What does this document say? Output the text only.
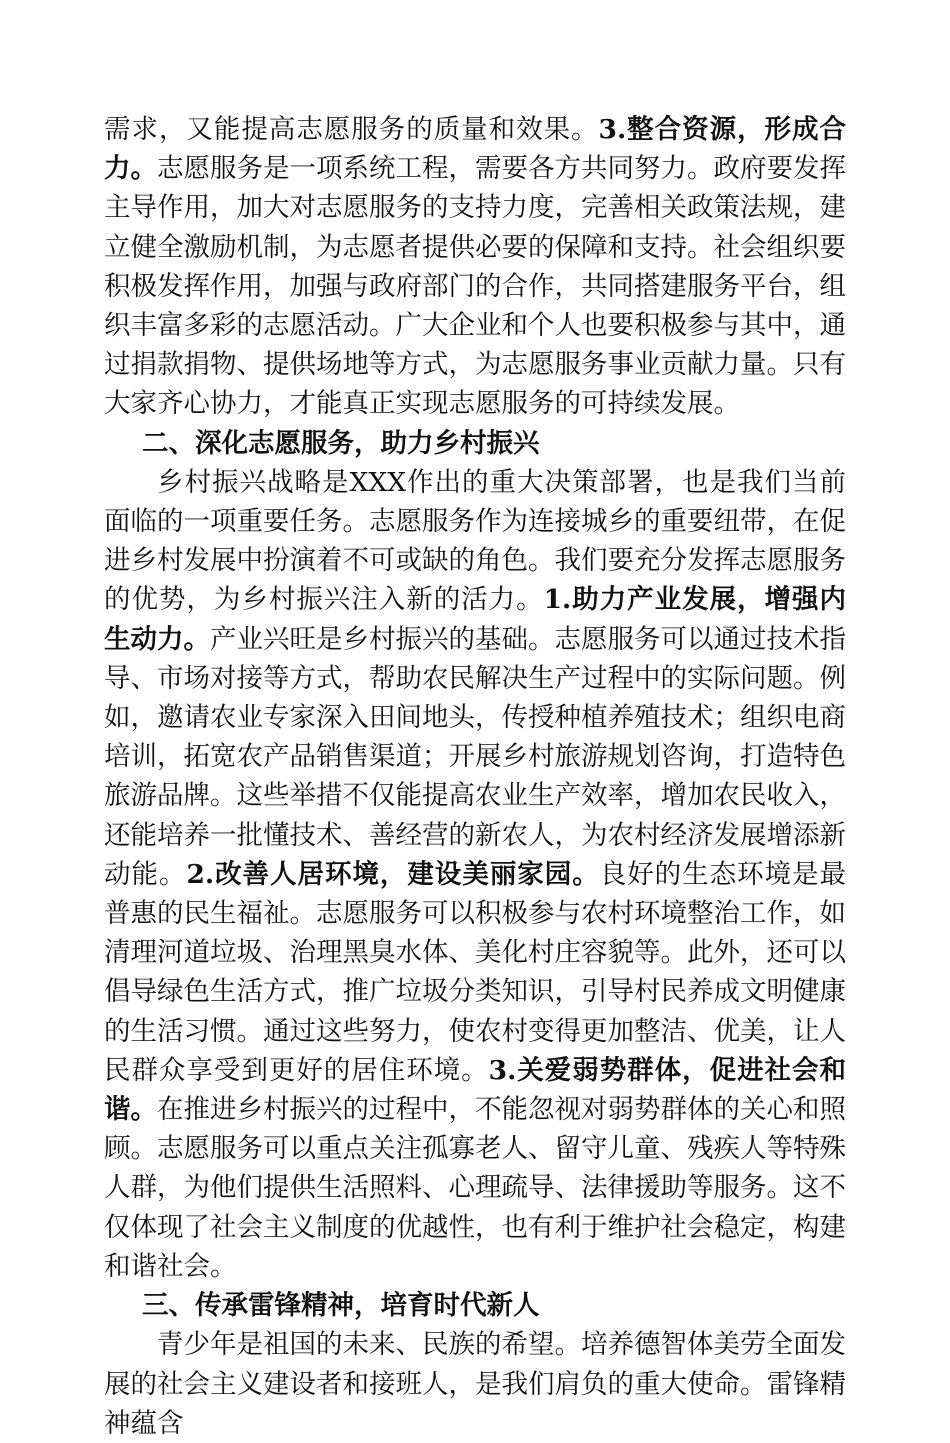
需求，又能提高志愿服务的质量和效果。3.整合资源，形成合力。志愿服务是一项系统工程，需要各方共同努力。政府要发挥主导作用，加大对志愿服务的支持力度，完善相关政策法规，建立健全激励机制，为志愿者提供必要的保障和支持。社会组织要积极发挥作用，加强与政府部门的合作，共同搭建服务平台，组织丰富多彩的志愿活动。广大企业和个人也要积极参与其中，通过捐款捐物、提供场地等方式，为志愿服务事业贡献力量。只有大家齐心协力，才能真正实现志愿服务的可持续发展。

二、深化志愿服务，助力乡村振兴

乡村振兴战略是XXX作出的重大决策部署，也是我们当前面临的一项重要任务。志愿服务作为连接城乡的重要纽带，在促进乡村发展中扮演着不可或缺的角色。我们要充分发挥志愿服务的优势，为乡村振兴注入新的活力。1.助力产业发展，增强内生动力。产业兴旺是乡村振兴的基础。志愿服务可以通过技术指导、市场对接等方式，帮助农民解决生产过程中的实际问题。例如，邀请农业专家深入田间地头，传授种植养殖技术；组织电商培训，拓宽农产品销售渠道；开展乡村旅游规划咨询，打造特色旅游品牌。这些举措不仅能提高农业生产效率，增加农民收入，还能培养一批懂技术、善经营的新农人，为农村经济发展增添新动能。2.改善人居环境，建设美丽家园。良好的生态环境是最普惠的民生福祉。志愿服务可以积极参与农村环境整治工作，如清理河道垃圾、治理黑臭水体、美化村庄容貌等。此外，还可以倡导绿色生活方式，推广垃圾分类知识，引导村民养成文明健康的生活习惯。通过这些努力，使农村变得更加整洁、优美，让人民群众享受到更好的居住环境。3.关爱弱势群体，促进社会和谐。在推进乡村振兴的过程中，不能忽视对弱势群体的关心和照顾。志愿服务可以重点关注孤寡老人、留守儿童、残疾人等特殊人群，为他们提供生活照料、心理疏导、法律援助等服务。这不仅体现了社会主义制度的优越性，也有利于维护社会稳定，构建和谐社会。

三、传承雷锋精神，培育时代新人

青少年是祖国的未来、民族的希望。培养德智体美劳全面发展的社会主义建设者和接班人，是我们肩负的重大使命。雷锋精神蕴含
